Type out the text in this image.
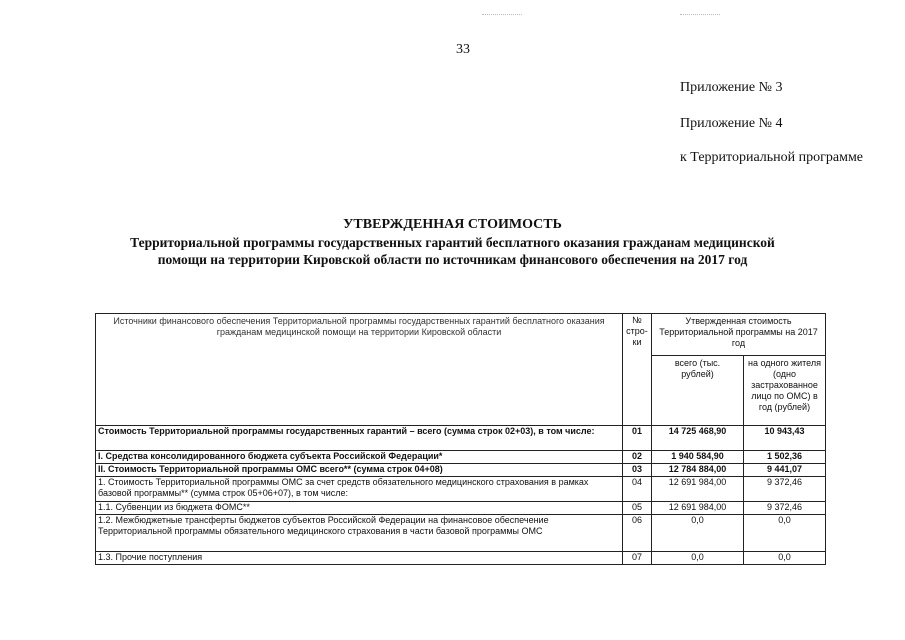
33
Приложение № 3
Приложение № 4
к Территориальной программе
УТВЕРЖДЕННАЯ СТОИМОСТЬ
Территориальной программы государственных гарантий бесплатного оказания гражданам медицинской
помощи на территории Кировской области по источникам финансового обеспечения на 2017 год
Источники финансового обеспечения Территориальной программы государственных гарантий бесплатного оказания гражданам медицинской помощи на территории Кировской области	№ стро-ки	Утвержденная стоимость Территориальной программы на 2017 год	
		всего (тыс. рублей)	на одного жителя (одно застрахованное лицо по ОМС) в год (рублей)
Стоимость Территориальной программы государственных гарантий – всего (сумма строк 02+03), в том числе:	01	14 725 468,90	10 943,43
I. Средства консолидированного бюджета субъекта Российской Федерации*	02	1 940 584,90	1 502,36
II. Стоимость Территориальной программы ОМС всего** (сумма строк 04+08)	03	12 784 884,00	9 441,07
1. Стоимость Территориальной программы ОМС за счет средств обязательного медицинского страхования в рамках базовой программы** (сумма строк 05+06+07), в том числе:	04	12 691 984,00	9 372,46
1.1. Субвенции из бюджета ФОМС**	05	12 691 984,00	9 372,46
1.2. Межбюджетные трансферты бюджетов субъектов Российской Федерации на финансовое обеспечение Территориальной программы обязательного медицинского страхования в части базовой программы ОМС	06	0,0	0,0
1.3. Прочие поступления	07	0,0	0,0
